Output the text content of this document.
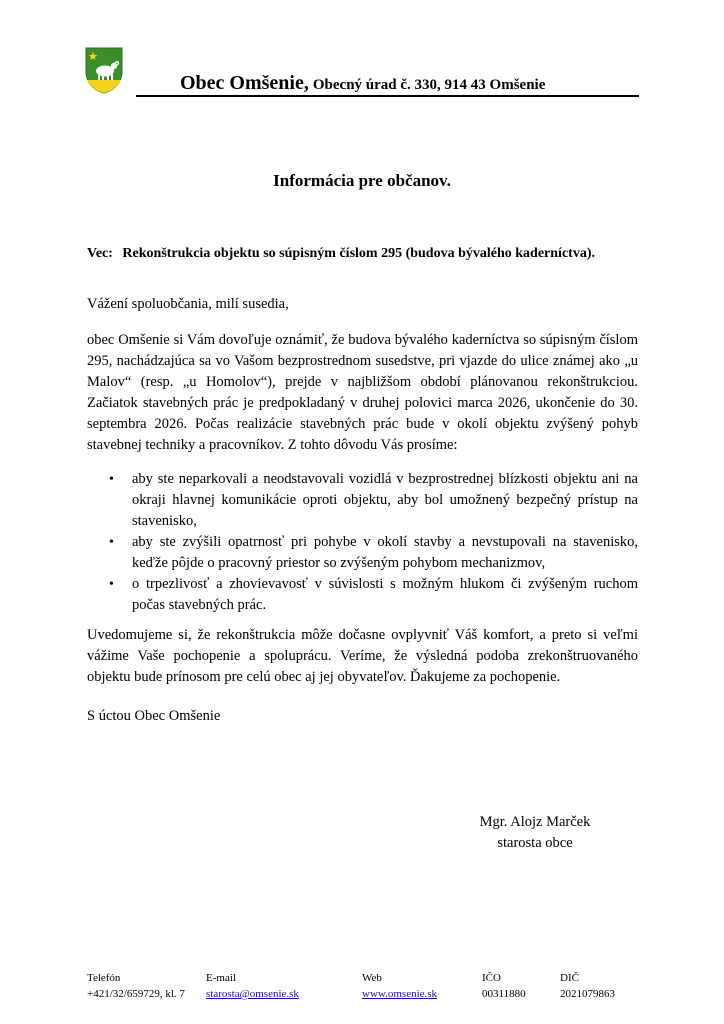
Obec Omšenie, Obecný úrad č. 330, 914 43 Omšenie
Informácia pre občanov.
Vec: Rekonštrukcia objektu so súpisným číslom 295 (budova bývalého kaderníctva).
Vážení spoluobčania, milí susedia,

obec Omšenie si Vám dovoľuje oznámiť, že budova bývalého kaderníctva so súpisným číslom 295, nachádzajúca sa vo Vašom bezprostrednom susedstve, pri vjazde do ulice známej ako „u Malov“ (resp. „u Homolov“), prejde v najbližšom období plánovanou rekonštrukciou. Začiatok stavebných prác je predpokladaný v druhej polovici marca 2026, ukončenie do 30. septembra 2026. Počas realizácie stavebných prác bude v okolí objektu zvýšený pohyb stavebnej techniky a pracovníkov. Z tohto dôvodu Vás prosíme:

• aby ste neparkovali a neodstavovali vozidlá v bezprostrednej blízkosti objektu ani na okraji hlavnej komunikácie oproti objektu, aby bol umožnený bezpečný prístup na stavenisko,
• aby ste zvýšili opatrnosť pri pohybe v okolí stavby a nevstupovali na stavenisko, keďže pôjde o pracovný priestor so zvýšeným pohybom mechanizmov,
• o trpezlivosť a zhovievavosť v súvislosti s možným hlukom či zvýšeným ruchom počas stavebných prác.

Uvedomujeme si, že rekonštrukcia môže dočasne ovplyvniť Váš komfort, a preto si veľmi vážime Vaše pochopenie a spoluprácu. Veríme, že výsledná podoba zrekonštruovaného objektu bude prínosom pre celú obec aj jej obyvateľov. Ďakujeme za pochopenie.

S úctou Obec Omšenie
Mgr. Alojz Marček
starosta obce
Telefón
+421/32/659729, kl. 7
E-mail
starosta@omsenie.sk
Web
www.omsenie.sk
IČO
00311880
DIČ
2021079863
